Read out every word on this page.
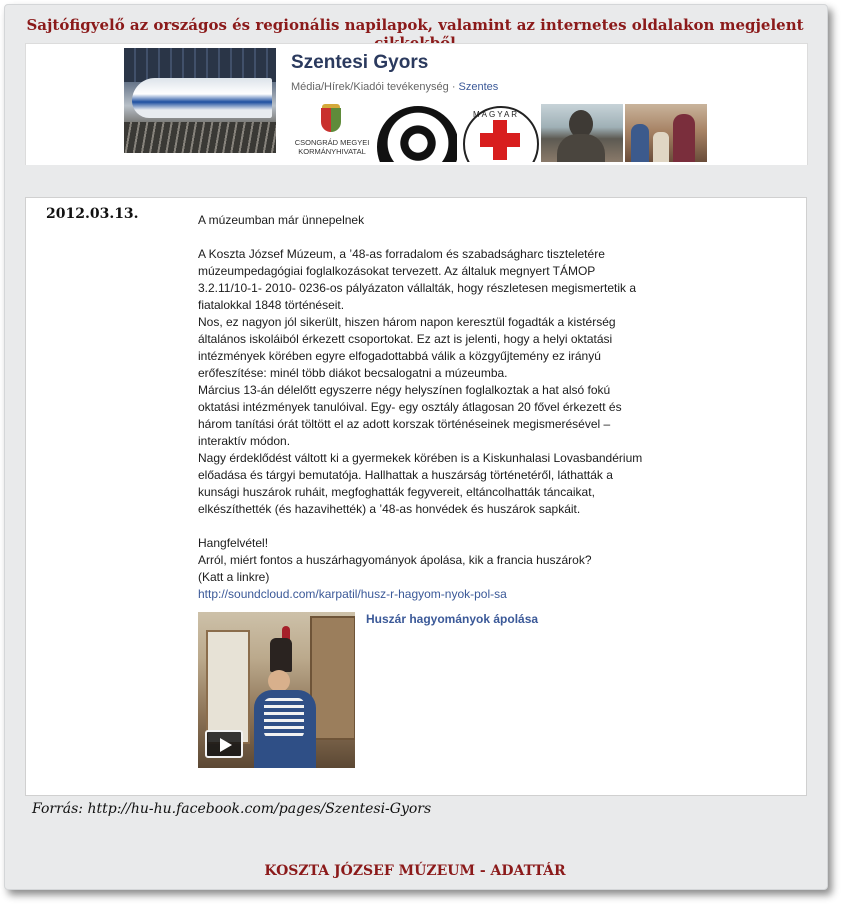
Sajtófigyelő az országos és regionális napilapok, valamint az internetes oldalakon megjelent
Szentesi Gyors
Média/Hírek/Kiadói tevékenység · Szentes
CSONGRÁD MEGYEI KORMÁNYHIVATAL
MAGYAR
2012.03.13.	A múzeumban már ünnepelnek
A Koszta József Múzeum, a ’48-as forradalom és szabadságharc tiszteletére
múzeumpedagógiai foglalkozásokat tervezett. Az általuk megnyert TÁMOP
3.2.11/10-1- 2010- 0236-os pályázaton vállalták, hogy részletesen megismertetik a
fiatalokkal 1848 történéseit.
Nos, ez nagyon jól sikerült, hiszen három napon keresztül fogadták a kistérség
általános iskoláiból érkezett csoportokat. Ez azt is jelenti, hogy a helyi oktatási
intézmények körében egyre elfogadottabbá válik a közgyűjtemény ez irányú
erőfeszítése: minél több diákot becsalogatni a múzeumba.
Március 13-án délelőtt egyszerre négy helyszínen foglalkoztak a hat alsó fokú
oktatási intézmények tanulóival. Egy- egy osztály átlagosan 20 fővel érkezett és
három tanítási órát töltött el az adott korszak történéseinek megismerésével –
interaktív módon.
Nagy érdeklődést váltott ki a gyermekek körében is a Kiskunhalasi Lovasbandérium
előadása és tárgyi bemutatója. Hallhattak a huszárság történetéről, láthatták a
kunsági huszárok ruháit, megfoghatták fegyvereit, eltáncolhatták táncaikat,
elkészíthették (és hazavihették) a ’48-as honvédek és huszárok sapkáit.
Hangfelvétel!
Arról, miért fontos a huszárhagyományok ápolása, kik a francia huszárok?
(Katt a linkre)
http://soundcloud.com/karpatil/husz-r-hagyom-nyok-pol-sa
Huszár hagyományok ápolása
Forrás: http://hu-hu.facebook.com/pages/Szentesi-Gyors
KOSZTA JÓZSEF MÚZEUM - ADATTÁR
